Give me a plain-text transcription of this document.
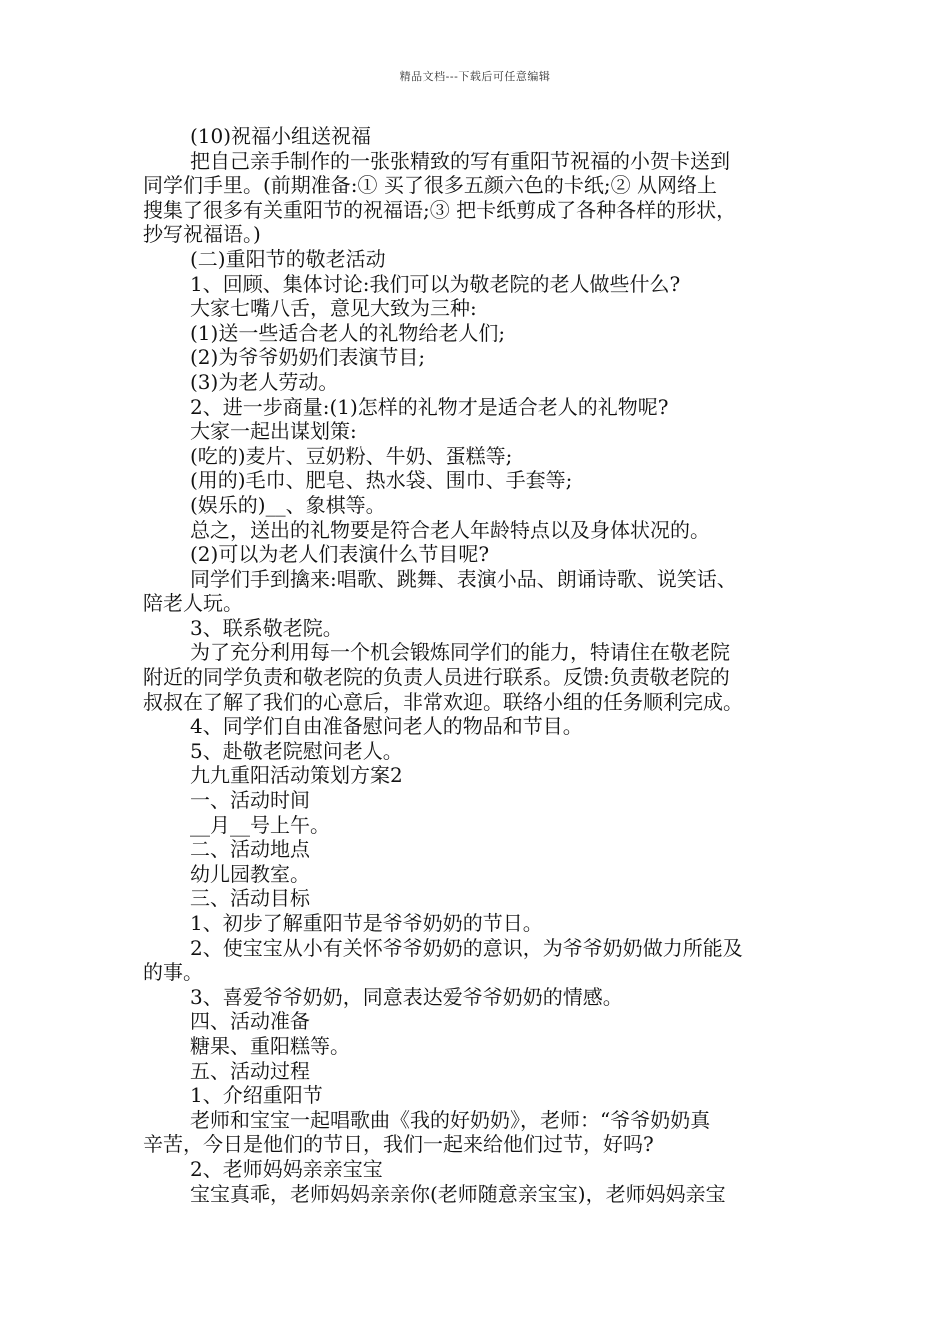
精品文档---下载后可任意编辑
(10)祝福小组送祝福
把自己亲手制作的一张张精致的写有重阳节祝福的小贺卡送到
同学们手里。(前期准备:① 买了很多五颜六色的卡纸;② 从网络上
搜集了很多有关重阳节的祝福语;③ 把卡纸剪成了各种各样的形状，
抄写祝福语。)
(二)重阳节的敬老活动
1、回顾、集体讨论:我们可以为敬老院的老人做些什么?
大家七嘴八舌，意见大致为三种:
(1)送一些适合老人的礼物给老人们;
(2)为爷爷奶奶们表演节目;
(3)为老人劳动。
2、进一步商量:(1)怎样的礼物才是适合老人的礼物呢?
大家一起出谋划策:
(吃的)麦片、豆奶粉、牛奶、蛋糕等;
(用的)毛巾、肥皂、热水袋、围巾、手套等;
(娱乐的)__、象棋等。
总之，送出的礼物要是符合老人年龄特点以及身体状况的。
(2)可以为老人们表演什么节目呢?
同学们手到擒来:唱歌、跳舞、表演小品、朗诵诗歌、说笑话、
陪老人玩。
3、联系敬老院。
为了充分利用每一个机会锻炼同学们的能力，特请住在敬老院
附近的同学负责和敬老院的负责人员进行联系。反馈:负责敬老院的
叔叔在了解了我们的心意后，非常欢迎。联络小组的任务顺利完成。
4、同学们自由准备慰问老人的物品和节目。
5、赴敬老院慰问老人。
九九重阳活动策划方案2
一、活动时间
__月__号上午。
二、活动地点
幼儿园教室。
三、活动目标
1、初步了解重阳节是爷爷奶奶的节日。
2、使宝宝从小有关怀爷爷奶奶的意识，为爷爷奶奶做力所能及
的事。
3、喜爱爷爷奶奶，同意表达爱爷爷奶奶的情感。
四、活动准备
糖果、重阳糕等。
五、活动过程
1、介绍重阳节
老师和宝宝一起唱歌曲《我的好奶奶》，老师：“爷爷奶奶真
辛苦，今日是他们的节日，我们一起来给他们过节，好吗?
2、老师妈妈亲亲宝宝
宝宝真乖，老师妈妈亲亲你(老师随意亲宝宝)，老师妈妈亲宝
